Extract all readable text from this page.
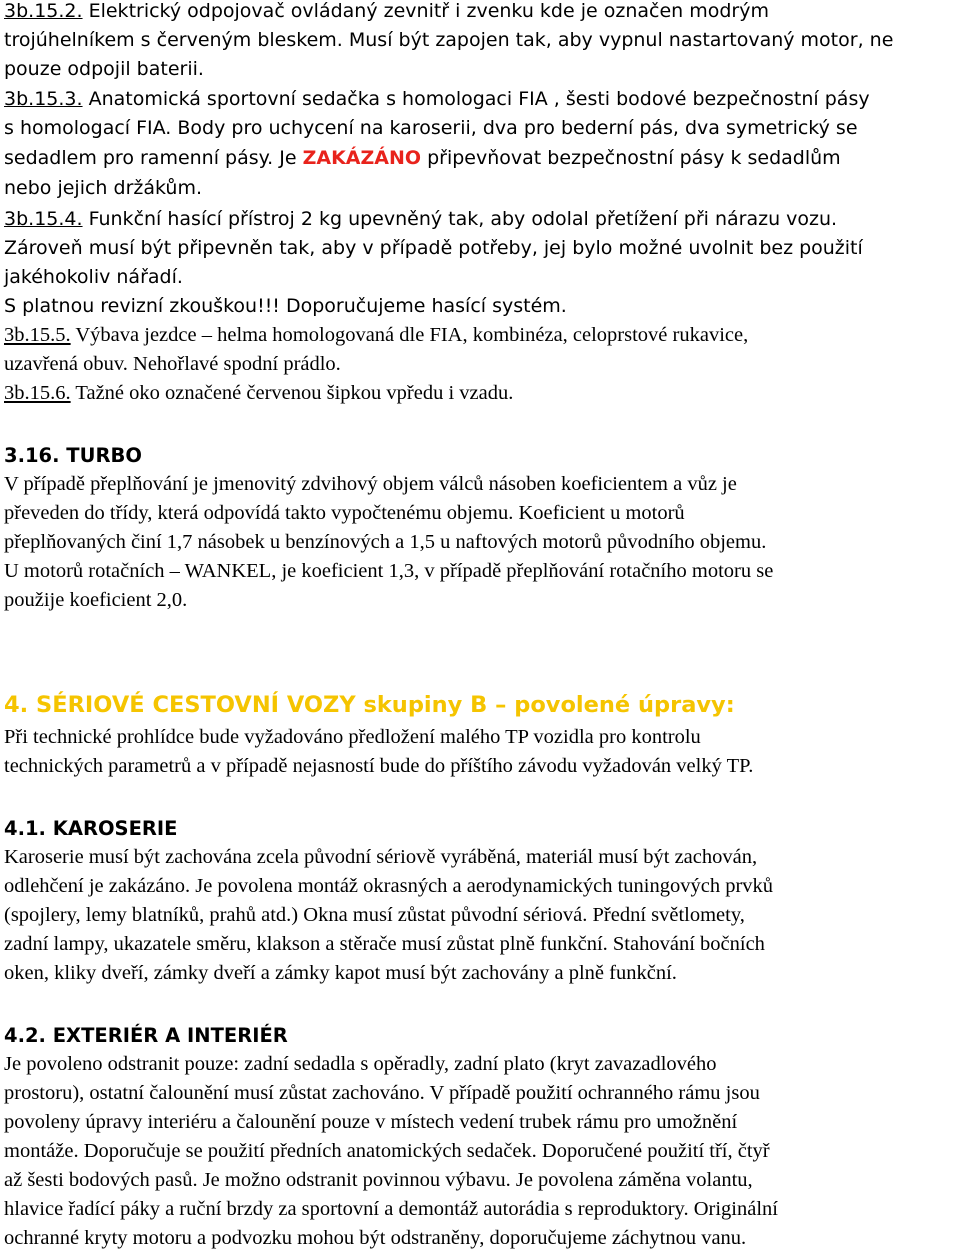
3b.15.2. Elektrický odpojovač ovládaný zevnitř i zvenku kde je označen modrým
trojúhelníkem s červeným bleskem. Musí být zapojen tak, aby vypnul nastartovaný motor, ne
pouze odpojil baterii.
3b.15.3. Anatomická sportovní sedačka s homologaci FIA , šesti bodové bezpečnostní pásy
s homologací FIA. Body pro uchycení na karoserii, dva pro bederní pás, dva symetrický se
sedadlem pro ramenní pásy. Je ZAKÁZÁNO připevňovat bezpečnostní pásy k sedadlům
nebo jejich držákům.
3b.15.4. Funkční hasící přístroj 2 kg upevněný tak, aby odolal přetížení při nárazu vozu.
Zároveň musí být připevněn tak, aby v případě potřeby, jej bylo možné uvolnit bez použití
jakéhokoliv nářadí.
S platnou revizní zkouškou!!! Doporučujeme hasící systém.
3b.15.5. Výbava jezdce – helma homologovaná dle FIA, kombinéza, celoprstové rukavice,
uzavřená obuv. Nehořlavé spodní prádlo.
3b.15.6. Tažné oko označené červenou šipkou vpředu i vzadu.
3.16. TURBO
V případě přeplňování je jmenovitý zdvihový objem válců násoben koeficientem a vůz je
převeden do třídy, která odpovídá takto vypočtenému objemu. Koeficient u motorů
přeplňovaných činí 1,7 násobek u benzínových a 1,5 u naftových motorů původního objemu.
U motorů rotačních – WANKEL, je koeficient 1,3, v případě přeplňování rotačního motoru se
použije koeficient 2,0.
4. SÉRIOVÉ CESTOVNÍ VOZY skupiny B – povolené úpravy:
Při technické prohlídce bude vyžadováno předložení malého TP vozidla pro kontrolu
technických parametrů a v případě nejasností bude do příštího závodu vyžadován velký TP.
4.1. KAROSERIE
Karoserie musí být zachována zcela původní sériově vyráběná, materiál musí být zachován,
odlehčení je zakázáno. Je povolena montáž okrasných a aerodynamických tuningových prvků
(spojlery, lemy blatníků, prahů atd.) Okna musí zůstat původní sériová. Přední světlomety,
zadní lampy, ukazatele směru, klakson a stěrače musí zůstat plně funkční. Stahování bočních
oken, kliky dveří, zámky dveří a zámky kapot musí být zachovány a plně funkční.
4.2. EXTERIÉR A INTERIÉR
Je povoleno odstranit pouze: zadní sedadla s opěradly, zadní plato (kryt zavazadlového
prostoru), ostatní čalounění musí zůstat zachováno. V případě použití ochranného rámu jsou
povoleny úpravy interiéru a čalounění pouze v místech vedení trubek rámu pro umožnění
montáže. Doporučuje se použití předních anatomických sedaček. Doporučené použití tří, čtyř
až šesti bodových pasů. Je možno odstranit povinnou výbavu. Je povolena záměna volantu,
hlavice řadící páky a ruční brzdy za sportovní a demontáž autorádia s reproduktory. Originální
ochranné kryty motoru a podvozku mohou být odstraněny, doporučujeme záchytnou vanu.
